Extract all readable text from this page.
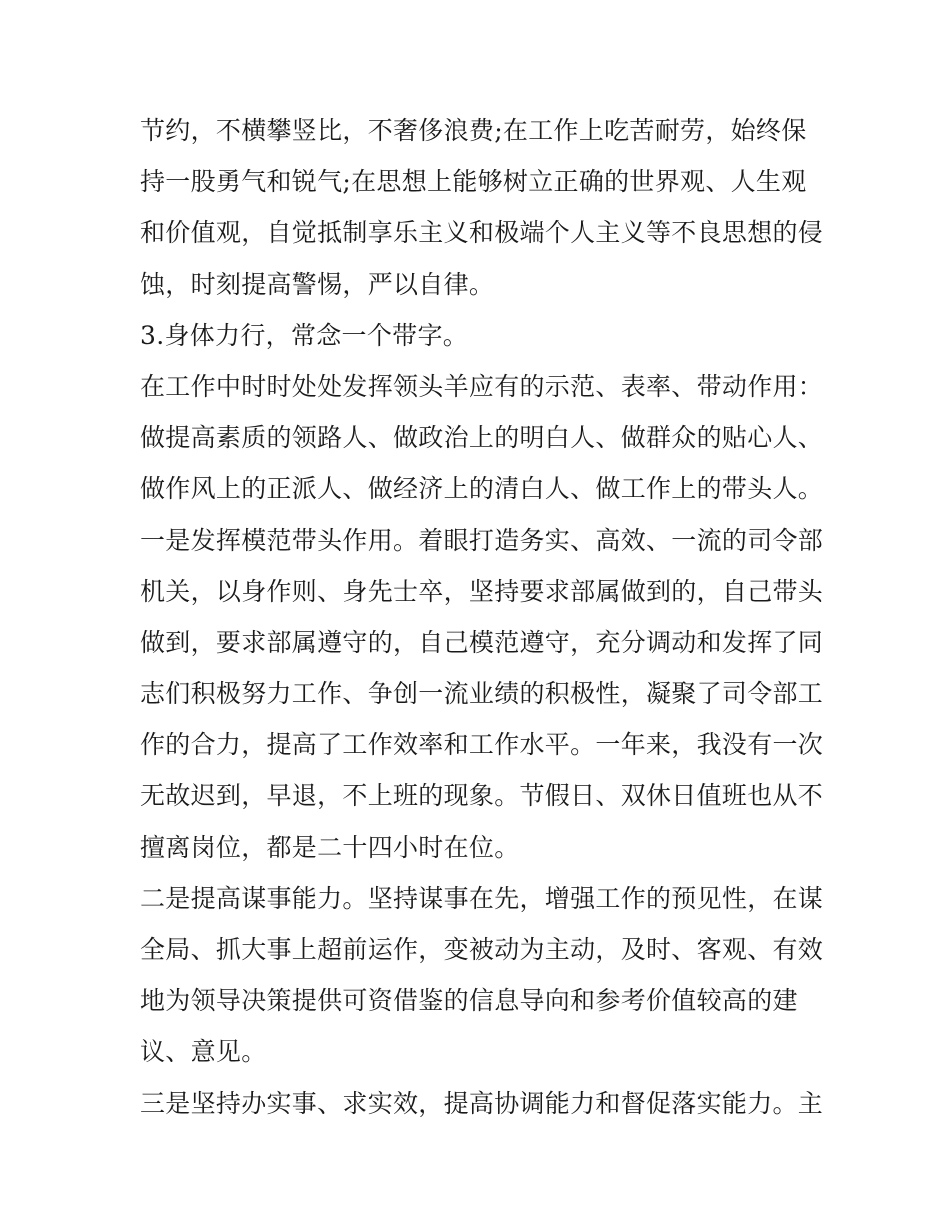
节约，不横攀竖比，不奢侈浪费;在工作上吃苦耐劳，始终保
持一股勇气和锐气;在思想上能够树立正确的世界观、人生观
和价值观，自觉抵制享乐主义和极端个人主义等不良思想的侵
蚀，时刻提高警惕，严以自律。
3.身体力行，常念一个带字。
在工作中时时处处发挥领头羊应有的示范、表率、带动作用：
做提高素质的领路人、做政治上的明白人、做群众的贴心人、
做作风上的正派人、做经济上的清白人、做工作上的带头人。
一是发挥模范带头作用。着眼打造务实、高效、一流的司令部
机关，以身作则、身先士卒，坚持要求部属做到的，自己带头
做到，要求部属遵守的，自己模范遵守，充分调动和发挥了同
志们积极努力工作、争创一流业绩的积极性，凝聚了司令部工
作的合力，提高了工作效率和工作水平。一年来，我没有一次
无故迟到，早退，不上班的现象。节假日、双休日值班也从不
擅离岗位，都是二十四小时在位。
二是提高谋事能力。坚持谋事在先，增强工作的预见性，在谋
全局、抓大事上超前运作，变被动为主动，及时、客观、有效
地为领导决策提供可资借鉴的信息导向和参考价值较高的建
议、意见。
三是坚持办实事、求实效，提高协调能力和督促落实能力。主
